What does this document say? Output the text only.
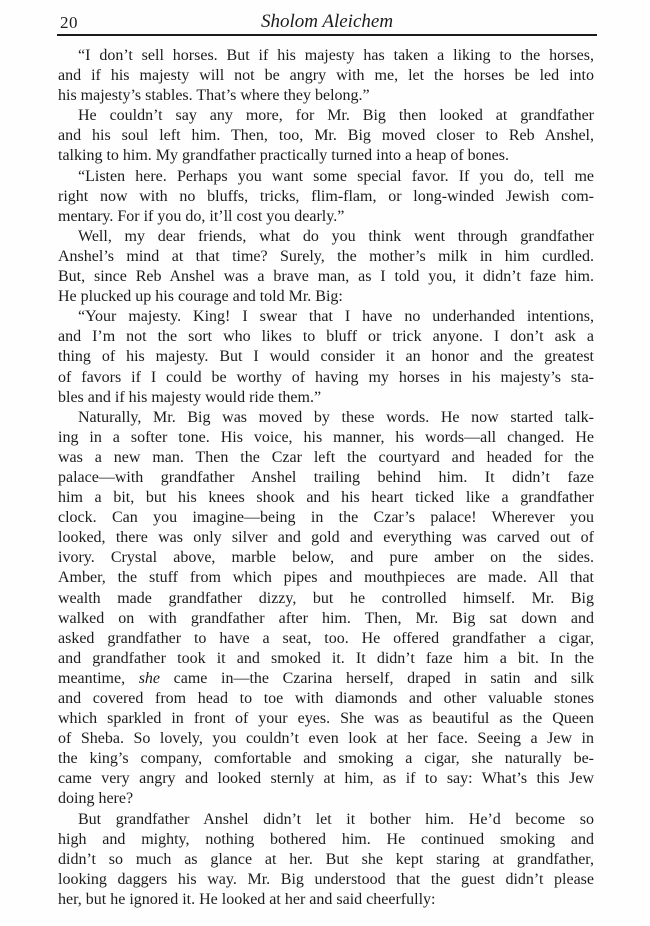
20	Sholom Aleichem
“I don’t sell horses. But if his majesty has taken a liking to the horses,
and if his majesty will not be angry with me, let the horses be led into
his majesty’s stables. That’s where they belong.”
He couldn’t say any more, for Mr. Big then looked at grandfather
and his soul left him. Then, too, Mr. Big moved closer to Reb Anshel,
talking to him. My grandfather practically turned into a heap of bones.
“Listen here. Perhaps you want some special favor. If you do, tell me
right now with no bluffs, tricks, flim-flam, or long-winded Jewish com-
mentary. For if you do, it’ll cost you dearly.”
Well, my dear friends, what do you think went through grandfather
Anshel’s mind at that time? Surely, the mother’s milk in him curdled.
But, since Reb Anshel was a brave man, as I told you, it didn’t faze him.
He plucked up his courage and told Mr. Big:
“Your majesty. King! I swear that I have no underhanded intentions,
and I’m not the sort who likes to bluff or trick anyone. I don’t ask a
thing of his majesty. But I would consider it an honor and the greatest
of favors if I could be worthy of having my horses in his majesty’s sta-
bles and if his majesty would ride them.”
Naturally, Mr. Big was moved by these words. He now started talk-
ing in a softer tone. His voice, his manner, his words—all changed. He
was a new man. Then the Czar left the courtyard and headed for the
palace—with grandfather Anshel trailing behind him. It didn’t faze
him a bit, but his knees shook and his heart ticked like a grandfather
clock. Can you imagine—being in the Czar’s palace! Wherever you
looked, there was only silver and gold and everything was carved out of
ivory. Crystal above, marble below, and pure amber on the sides.
Amber, the stuff from which pipes and mouthpieces are made. All that
wealth made grandfather dizzy, but he controlled himself. Mr. Big
walked on with grandfather after him. Then, Mr. Big sat down and
asked grandfather to have a seat, too. He offered grandfather a cigar,
and grandfather took it and smoked it. It didn’t faze him a bit. In the
meantime, she came in—the Czarina herself, draped in satin and silk
and covered from head to toe with diamonds and other valuable stones
which sparkled in front of your eyes. She was as beautiful as the Queen
of Sheba. So lovely, you couldn’t even look at her face. Seeing a Jew in
the king’s company, comfortable and smoking a cigar, she naturally be-
came very angry and looked sternly at him, as if to say: What’s this Jew
doing here?
But grandfather Anshel didn’t let it bother him. He’d become so
high and mighty, nothing bothered him. He continued smoking and
didn’t so much as glance at her. But she kept staring at grandfather,
looking daggers his way. Mr. Big understood that the guest didn’t please
her, but he ignored it. He looked at her and said cheerfully:
